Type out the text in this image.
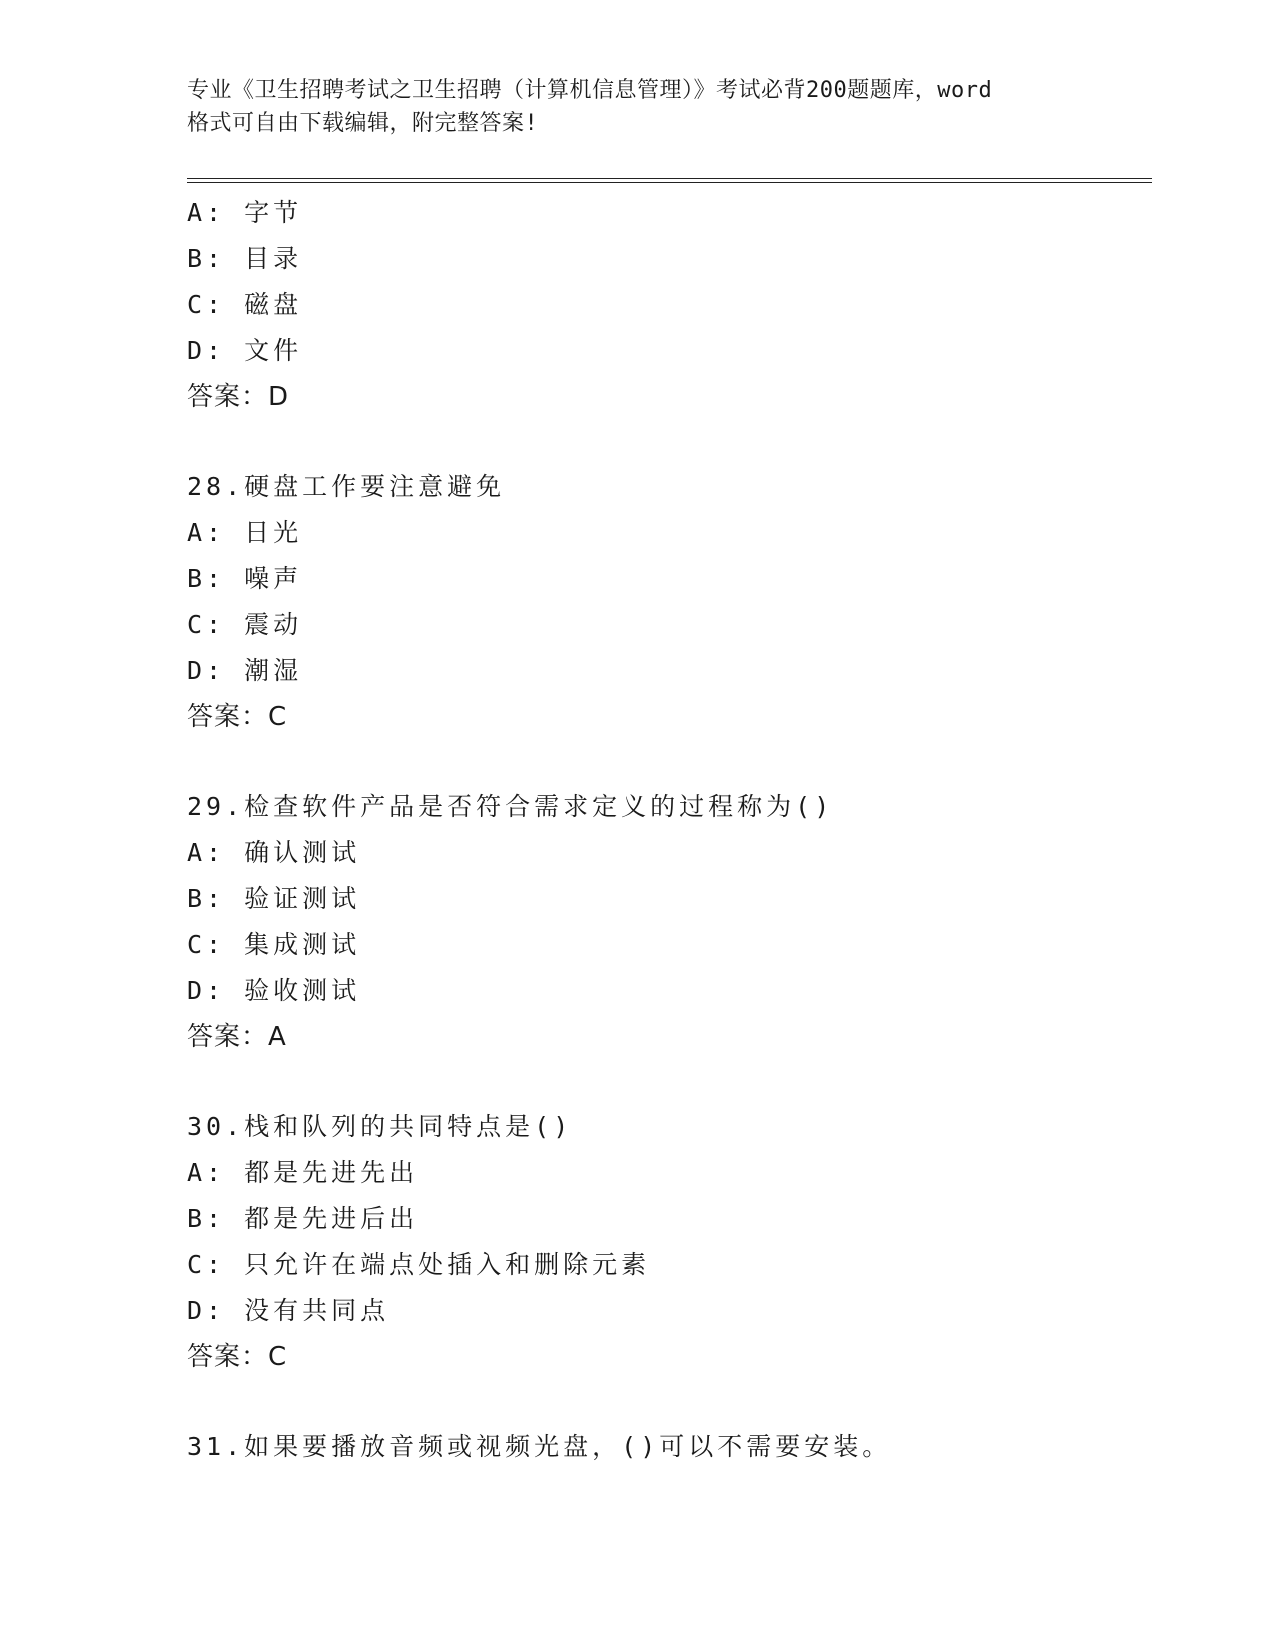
专业《卫生招聘考试之卫生招聘（计算机信息管理）》考试必背200题题库，word
格式可自由下载编辑，附完整答案!
A: 字节
B: 目录
C: 磁盘
D: 文件
答案：D
28.硬盘工作要注意避免
A: 日光
B: 噪声
C: 震动
D: 潮湿
答案：C
29.检查软件产品是否符合需求定义的过程称为()
A: 确认测试
B: 验证测试
C: 集成测试
D: 验收测试
答案：A
30.栈和队列的共同特点是()
A: 都是先进先出
B: 都是先进后出
C: 只允许在端点处插入和删除元素
D: 没有共同点
答案：C
31.如果要播放音频或视频光盘，()可以不需要安装。
